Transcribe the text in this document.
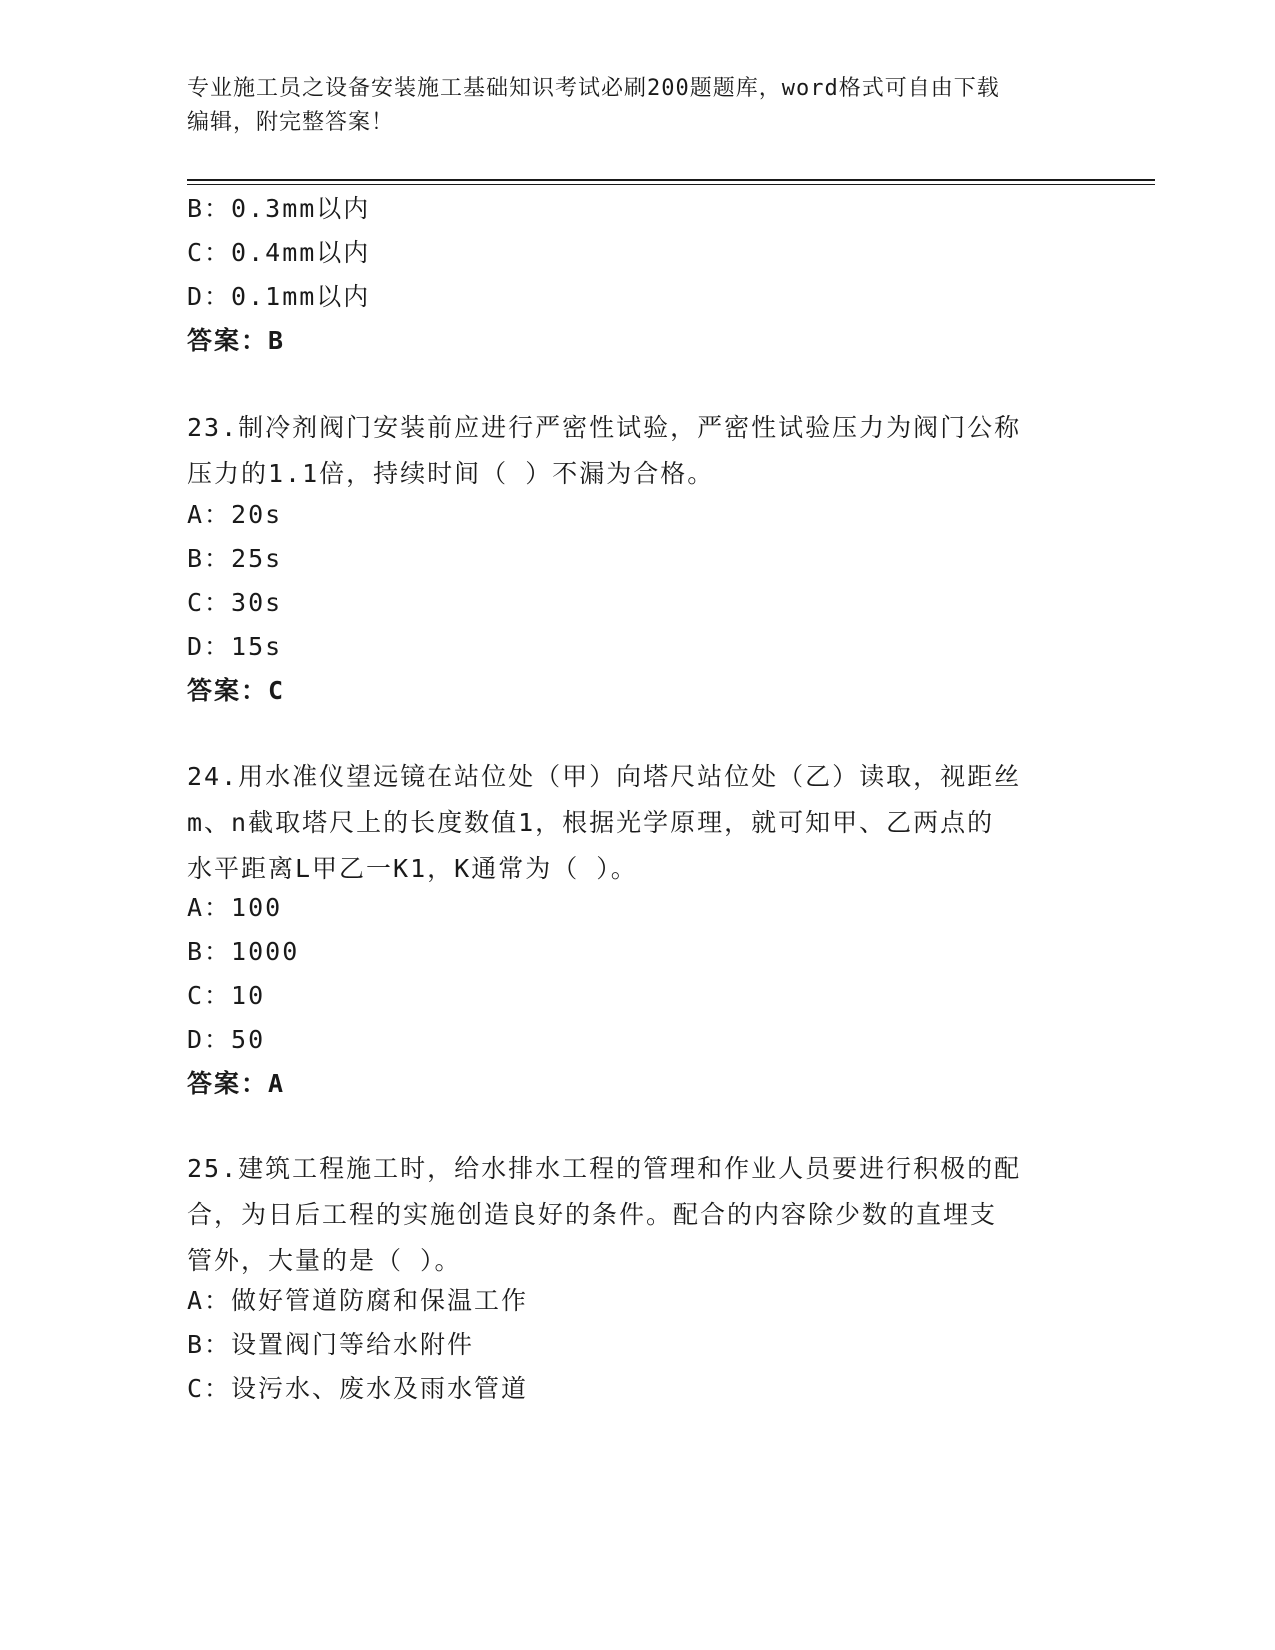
专业施工员之设备安装施工基础知识考试必刷200题题库，word格式可自由下载
编辑，附完整答案！
B：0.3mm以内
C：0.4mm以内
D：0.1mm以内
答案：B
23.制冷剂阀门安装前应进行严密性试验，严密性试验压力为阀门公称
压力的1.1倍，持续时间（ ）不漏为合格。
A：20s
B：25s
C：30s
D：15s
答案：C
24.用水准仪望远镜在站位处（甲）向塔尺站位处（乙）读取，视距丝
m、n截取塔尺上的长度数值1，根据光学原理，就可知甲、乙两点的
水平距离L甲乙一K1，K通常为（ ）。
A：100
B：1000
C：10
D：50
答案：A
25.建筑工程施工时，给水排水工程的管理和作业人员要进行积极的配
合，为日后工程的实施创造良好的条件。配合的内容除少数的直埋支
管外，大量的是（ ）。
A：做好管道防腐和保温工作
B：设置阀门等给水附件
C：设污水、废水及雨水管道
